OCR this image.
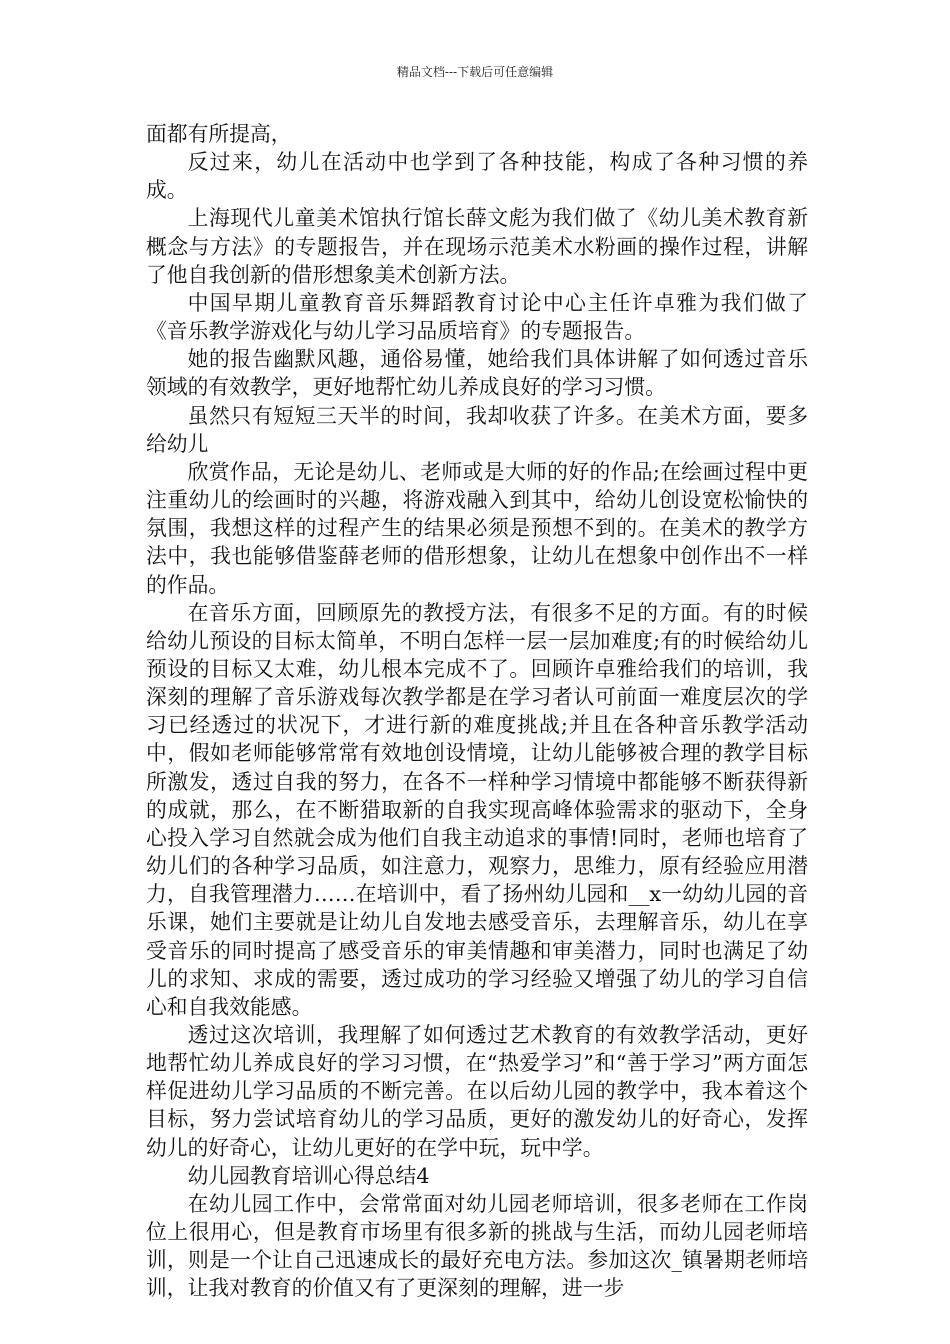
精品文档---下载后可任意编辑

面都有所提高，

反过来，幼儿在活动中也学到了各种技能，构成了各种习惯的养成。

上海现代儿童美术馆执行馆长薛文彪为我们做了《幼儿美术教育新概念与方法》的专题报告，并在现场示范美术水粉画的操作过程，讲解了他自我创新的借形想象美术创新方法。

中国早期儿童教育音乐舞蹈教育讨论中心主任许卓雅为我们做了《音乐教学游戏化与幼儿学习品质培育》的专题报告。

她的报告幽默风趣，通俗易懂，她给我们具体讲解了如何透过音乐领域的有效教学，更好地帮忙幼儿养成良好的学习习惯。

虽然只有短短三天半的时间，我却收获了许多。在美术方面，要多给幼儿

欣赏作品，无论是幼儿、老师或是大师的好的作品;在绘画过程中更注重幼儿的绘画时的兴趣，将游戏融入到其中，给幼儿创设宽松愉快的氛围，我想这样的过程产生的结果必须是预想不到的。在美术的教学方法中，我也能够借鉴薛老师的借形想象，让幼儿在想象中创作出不一样的作品。

在音乐方面，回顾原先的教授方法，有很多不足的方面。有的时候给幼儿预设的目标太简单，不明白怎样一层一层加难度;有的时候给幼儿预设的目标又太难，幼儿根本完成不了。回顾许卓雅给我们的培训，我深刻的理解了音乐游戏每次教学都是在学习者认可前面一难度层次的学习已经透过的状况下，才进行新的难度挑战;并且在各种音乐教学活动中，假如老师能够常常有效地创设情境，让幼儿能够被合理的教学目标所激发，透过自我的努力，在各不一样种学习情境中都能够不断获得新的成就，那么，在不断猎取新的自我实现高峰体验需求的驱动下，全身心投入学习自然就会成为他们自我主动追求的事情!同时，老师也培育了幼儿们的各种学习品质，如注意力，观察力，思维力，原有经验应用潜力，自我管理潜力……在培训中，看了扬州幼儿园和__x一幼幼儿园的音乐课，她们主要就是让幼儿自发地去感受音乐，去理解音乐，幼儿在享受音乐的同时提高了感受音乐的审美情趣和审美潜力，同时也满足了幼儿的求知、求成的需要，透过成功的学习经验又增强了幼儿的学习自信心和自我效能感。

透过这次培训，我理解了如何透过艺术教育的有效教学活动，更好地帮忙幼儿养成良好的学习习惯，在“热爱学习”和“善于学习”两方面怎样促进幼儿学习品质的不断完善。在以后幼儿园的教学中，我本着这个目标，努力尝试培育幼儿的学习品质，更好的激发幼儿的好奇心，发挥幼儿的好奇心，让幼儿更好的在学中玩，玩中学。

幼儿园教育培训心得总结4

在幼儿园工作中，会常常面对幼儿园老师培训，很多老师在工作岗位上很用心，但是教育市场里有很多新的挑战与生活，而幼儿园老师培训，则是一个让自己迅速成长的最好充电方法。参加这次_镇暑期老师培训，让我对教育的价值又有了更深刻的理解，进一步
